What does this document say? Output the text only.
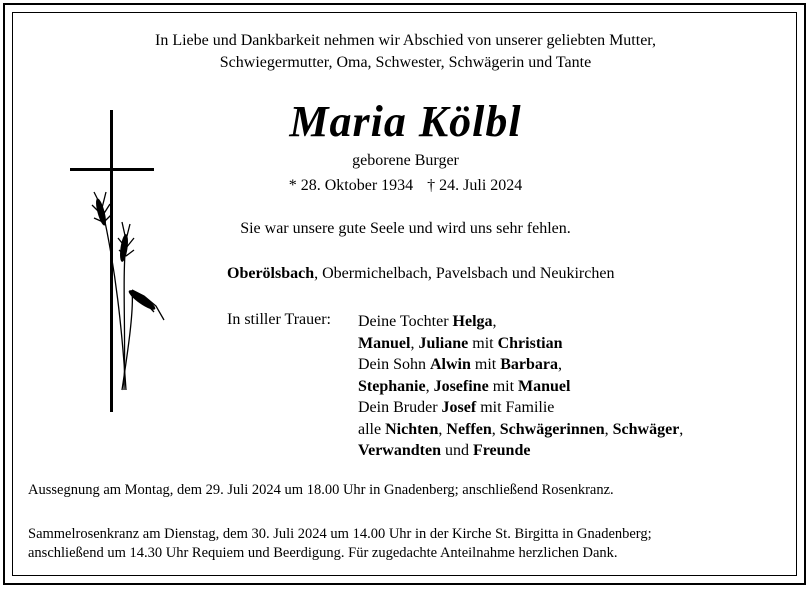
In Liebe und Dankbarkeit nehmen wir Abschied von unserer geliebten Mutter,
Schwiegermutter, Oma, Schwester, Schwägerin und Tante
Maria Kölbl
geborene Burger
* 28. Oktober 1934 † 24. Juli 2024
Sie war unsere gute Seele und wird uns sehr fehlen.
Oberölsbach, Obermichelbach, Pavelsbach und Neukirchen
In stiller Trauer: Deine Tochter Helga,
Manuel, Juliane mit Christian
Dein Sohn Alwin mit Barbara,
Stephanie, Josefine mit Manuel
Dein Bruder Josef mit Familie
alle Nichten, Neffen, Schwägerinnen, Schwäger,
Verwandten und Freunde
Aussegnung am Montag, dem 29. Juli 2024 um 18.00 Uhr in Gnadenberg; anschließend Rosenkranz.
Sammelrosenkranz am Dienstag, dem 30. Juli 2024 um 14.00 Uhr in der Kirche St. Birgitta in Gnadenberg;
anschließend um 14.30 Uhr Requiem und Beerdigung. Für zugedachte Anteilnahme herzlichen Dank.
